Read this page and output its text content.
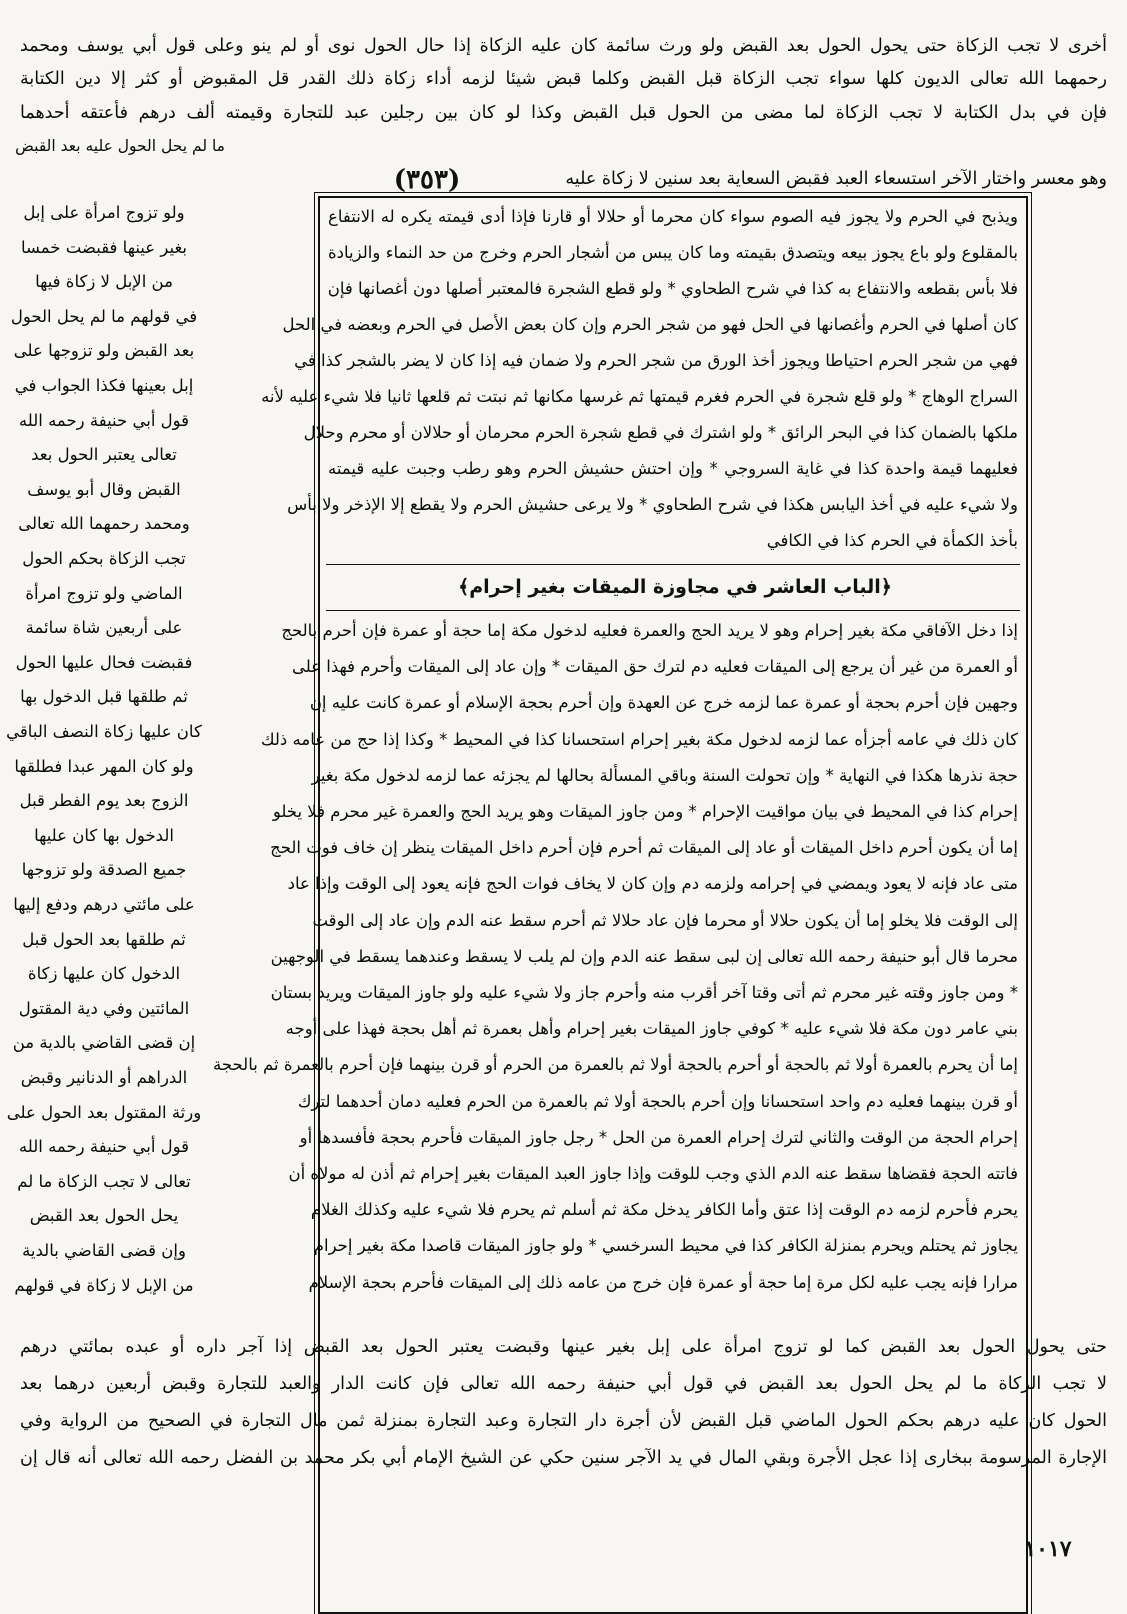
أخرى لا تجب الزكاة حتى يحول الحول بعد القبض ولو ورث سائمة كان عليه الزكاة إذا حال الحول نوى أو لم ينو وعلى قول أبي يوسف ومحمد
رحمهما الله تعالى الديون كلها سواء تجب الزكاة قبل القبض وكلما قبض شيئا لزمه أداء زكاة ذلك القدر قل المقبوض أو كثر إلا دين الكتابة
فإن في بدل الكتابة لا تجب الزكاة لما مضى من الحول قبل القبض وكذا لو كان بين رجلين عبد للتجارة وقيمته ألف درهم فأعتقه أحدهما
وهو معسر واختار الآخر استسعاء العبد فقبض السعاية بعد سنين لا زكاة عليه
ما لم يحل الحول عليه بعد القبض
(٣٥٣)
ولو تزوج امرأة على إبل
بغير عينها فقبضت خمسا
من الإبل لا زكاة فيها
في قولهم ما لم يحل الحول
بعد القبض ولو تزوجها على
إبل بعينها فكذا الجواب في
قول أبي حنيفة رحمه الله
تعالى يعتبر الحول بعد
القبض وقال أبو يوسف
ومحمد رحمهما الله تعالى
تجب الزكاة بحكم الحول
الماضي ولو تزوج امرأة
على أربعين شاة سائمة
فقبضت فحال عليها الحول
ثم طلقها قبل الدخول بها
كان عليها زكاة النصف الباقي
ولو كان المهر عبدا فطلقها
الزوج بعد يوم الفطر قبل
الدخول بها كان عليها
جميع الصدقة ولو تزوجها
على مائتي درهم ودفع إليها
ثم طلقها بعد الحول قبل
الدخول كان عليها زكاة
المائتين وفي دية المقتول
إن قضى القاضي بالدية من
الدراهم أو الدنانير وقبض
ورثة المقتول بعد الحول على
قول أبي حنيفة رحمه الله
تعالى لا تجب الزكاة ما لم
يحل الحول بعد القبض
وإن قضى القاضي بالدية
من الإبل لا زكاة في قولهم
ويذبح في الحرم ولا يجوز فيه الصوم سواء كان محرما أو حلالا أو قارنا فإذا أدى قيمته يكره له الانتفاع
بالمقلوع ولو باع يجوز بيعه ويتصدق بقيمته وما كان يبس من أشجار الحرم وخرج من حد النماء والزيادة
فلا بأس بقطعه والانتفاع به كذا في شرح الطحاوي * ولو قطع الشجرة فالمعتبر أصلها دون أغصانها فإن
كان أصلها في الحرم وأغصانها في الحل فهو من شجر الحرم وإن كان بعض الأصل في الحرم وبعضه في الحل
فهي من شجر الحرم احتياطا ويجوز أخذ الورق من شجر الحرم ولا ضمان فيه إذا كان لا يضر بالشجر كذا في
السراج الوهاج * ولو قلع شجرة في الحرم فغرم قيمتها ثم غرسها مكانها ثم نبتت ثم قلعها ثانيا فلا شيء عليه لأنه
ملكها بالضمان كذا في البحر الرائق * ولو اشترك في قطع شجرة الحرم محرمان أو حلالان أو محرم وحلال
فعليهما قيمة واحدة كذا في غاية السروجي * وإن احتش حشيش الحرم وهو رطب وجبت عليه قيمته
ولا شيء عليه في أخذ اليابس هكذا في شرح الطحاوي * ولا يرعى حشيش الحرم ولا يقطع إلا الإذخر ولا بأس
بأخذ الكمأة في الحرم كذا في الكافي
﴿الباب العاشر في مجاوزة الميقات بغير إحرام﴾
إذا دخل الآفاقي مكة بغير إحرام وهو لا يريد الحج والعمرة فعليه لدخول مكة إما حجة أو عمرة فإن أحرم بالحج
أو العمرة من غير أن يرجع إلى الميقات فعليه دم لترك حق الميقات * وإن عاد إلى الميقات وأحرم فهذا على
وجهين فإن أحرم بحجة أو عمرة عما لزمه خرج عن العهدة وإن أحرم بحجة الإسلام أو عمرة كانت عليه إن
كان ذلك في عامه أجزأه عما لزمه لدخول مكة بغير إحرام استحسانا كذا في المحيط * وكذا إذا حج من عامه ذلك
حجة نذرها هكذا في النهاية * وإن تحولت السنة وباقي المسألة بحالها لم يجزئه عما لزمه لدخول مكة بغير
إحرام كذا في المحيط في بيان مواقيت الإحرام * ومن جاوز الميقات وهو يريد الحج والعمرة غير محرم فلا يخلو
إما أن يكون أحرم داخل الميقات أو عاد إلى الميقات ثم أحرم فإن أحرم داخل الميقات ينظر إن خاف فوت الحج
متى عاد فإنه لا يعود ويمضي في إحرامه ولزمه دم وإن كان لا يخاف فوات الحج فإنه يعود إلى الوقت وإذا عاد
إلى الوقت فلا يخلو إما أن يكون حلالا أو محرما فإن عاد حلالا ثم أحرم سقط عنه الدم وإن عاد إلى الوقت
محرما قال أبو حنيفة رحمه الله تعالى إن لبى سقط عنه الدم وإن لم يلب لا يسقط وعندهما يسقط في الوجهين
* ومن جاوز وقته غير محرم ثم أتى وقتا آخر أقرب منه وأحرم جاز ولا شيء عليه ولو جاوز الميقات ويريد بستان
بني عامر دون مكة فلا شيء عليه * كوفي جاوز الميقات بغير إحرام وأهل بعمرة ثم أهل بحجة فهذا على أوجه
إما أن يحرم بالعمرة أولا ثم بالحجة أو أحرم بالحجة أولا ثم بالعمرة من الحرم أو قرن بينهما فإن أحرم بالعمرة ثم بالحجة
أو قرن بينهما فعليه دم واحد استحسانا وإن أحرم بالحجة أولا ثم بالعمرة من الحرم فعليه دمان أحدهما لترك
إحرام الحجة من الوقت والثاني لترك إحرام العمرة من الحل * رجل جاوز الميقات فأحرم بحجة فأفسدها أو
فاتته الحجة فقضاها سقط عنه الدم الذي وجب للوقت وإذا جاوز العبد الميقات بغير إحرام ثم أذن له مولاه أن
يحرم فأحرم لزمه دم الوقت إذا عتق وأما الكافر يدخل مكة ثم أسلم ثم يحرم فلا شيء عليه وكذلك الغلام
يجاوز ثم يحتلم ويحرم بمنزلة الكافر كذا في محيط السرخسي * ولو جاوز الميقات قاصدا مكة بغير إحرام
مرارا فإنه يجب عليه لكل مرة إما حجة أو عمرة فإن خرج من عامه ذلك إلى الميقات فأحرم بحجة الإسلام
حتى يحول الحول بعد القبض كما لو تزوج امرأة على إبل بغير عينها وقبضت يعتبر الحول بعد القبض إذا آجر داره أو عبده بمائتي درهم
لا تجب الزكاة ما لم يحل الحول بعد القبض في قول أبي حنيفة رحمه الله تعالى فإن كانت الدار والعبد للتجارة وقبض أربعين درهما بعد
الحول كان عليه درهم بحكم الحول الماضي قبل القبض لأن أجرة دار التجارة وعبد التجارة بمنزلة ثمن مال التجارة في الصحيح من الرواية وفي
الإجارة المرسومة ببخارى إذا عجل الأجرة وبقي المال في يد الآجر سنين حكي عن الشيخ الإمام أبي بكر محمد بن الفضل رحمه الله تعالى أنه قال إن
١٠١٧
